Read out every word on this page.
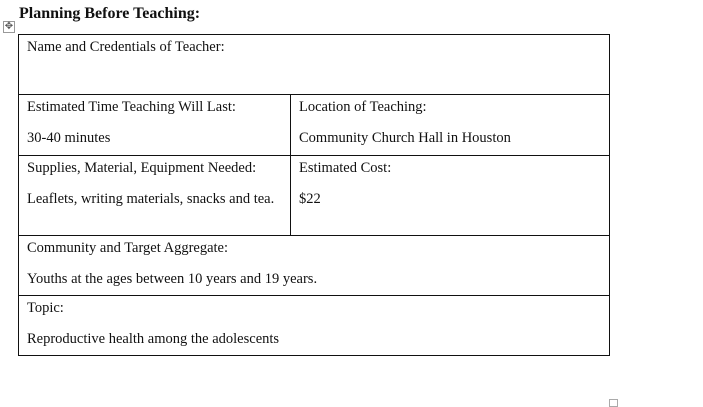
Planning Before Teaching:
✥

Name and Credentials of Teacher:	

Estimated Time Teaching Will Last:

30-40 minutes

Location of Teaching:

Community Church Hall in Houston

Supplies, Material, Equipment Needed:

Leaflets, writing materials, snacks and tea.

Estimated Cost:

$22

Community and Target Aggregate:

Youths at the ages between 10 years and 19 years.	

Topic:

Reproductive health among the adolescents	
